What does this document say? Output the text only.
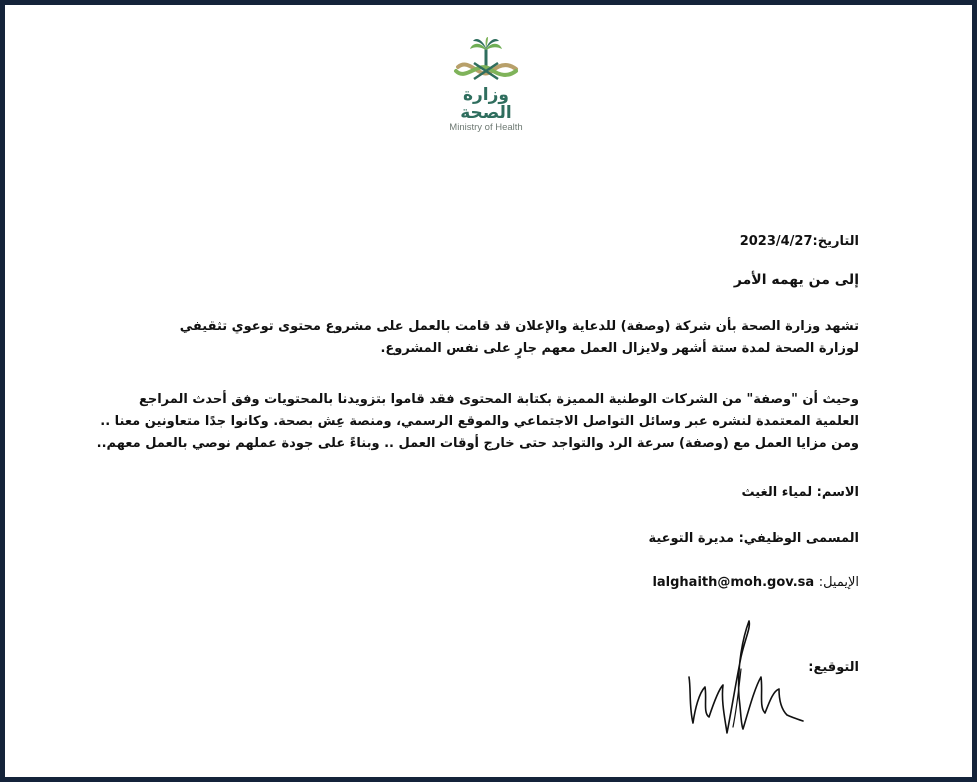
وزارة الصحة
Ministry of Health
التاريخ:2023/4/27
إلى من يهمه الأمر
تشهد وزارة الصحة بأن شركة (وصفة) للدعاية والإعلان قد قامت بالعمل على مشروع محتوى توعوي تثقيفي
لوزارة الصحة لمدة ستة أشهر ولايزال العمل معهم جارٍ على نفس المشروع.
وحيث أن "وصفة" من الشركات الوطنية المميزة بكتابة المحتوى فقد قاموا بتزويدنا بالمحتويات وفق أحدث المراجع
العلمية المعتمدة لنشره عبر وسائل التواصل الاجتماعي والموقع الرسمي، ومنصة عِش بصحة. وكانوا جدًا متعاونين معنا ..
ومن مزايا العمل مع (وصفة) سرعة الرد والتواجد حتى خارج أوقات العمل .. وبناءً على جودة عملهم نوصي بالعمل معهم..
الاسم: لمياء الغيث
المسمى الوظيفي: مديرة التوعية
الإيميل: lalghaith@moh.gov.sa
التوقيع:
